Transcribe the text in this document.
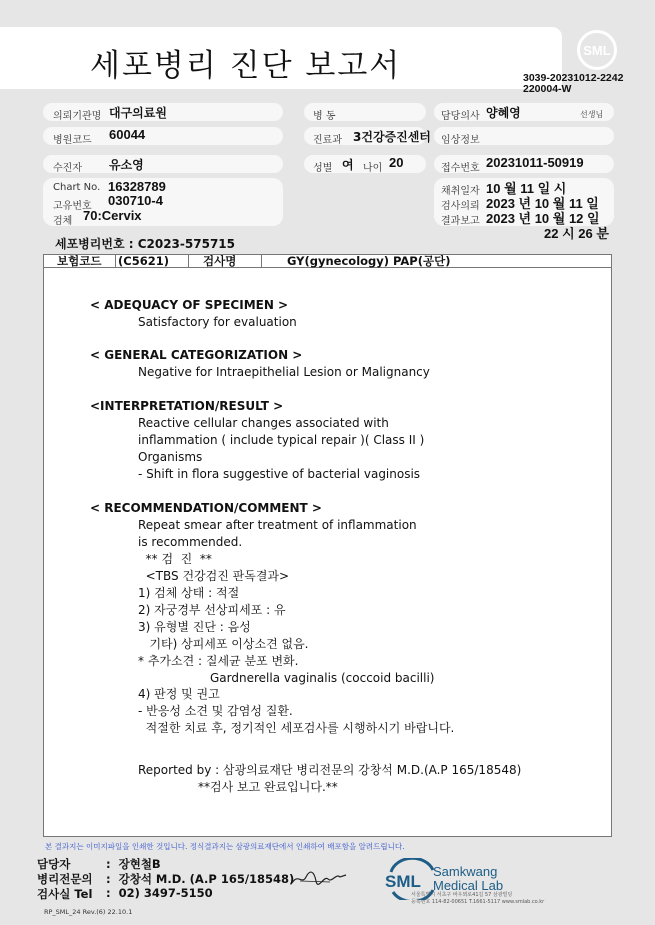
세포병리 진단 보고서	SML
3039-20231012-2242
220004-W
의뢰기관명 대구의료원	병 동	담당의사 양혜영	선생님
병원코드 60044	진료과 3건강증진센터 임상정보
수진자 유소영	성별 여 나이 20	접수번호 20231011-50919
Chart No. 16328789
고유번호 030710-4
검체 70:Cervix
채취일자 10 월 11 일 시
검사의뢰 2023 년 10 월 11 일
결과보고 2023 년 10 월 12 일
22 시 26 분
세포병리번호 : C2023-575715
보험코드 (C5621)	검사명	GY(gynecology) PAP(공단)
< ADEQUACY OF SPECIMEN >
Satisfactory for evaluation
< GENERAL CATEGORIZATION >
Negative for Intraepithelial Lesion or Malignancy
<INTERPRETATION/RESULT >
Reactive cellular changes associated with
inflammation ( include typical repair )( Class II )
Organisms
- Shift in flora suggestive of bacterial vaginosis
< RECOMMENDATION/COMMENT >
Repeat smear after treatment of inflammation
is recommended.
** 검  진  **
<TBS 건강검진 판독결과>
1) 검체 상태 : 적절
2) 자궁경부 선상피세포 : 유
3) 유형별 진단 : 음성
기타) 상피세포 이상소견 없음.
* 추가소견 : 질세균 분포 변화.
Gardnerella vaginalis (coccoid bacilli)
4) 판정 및 권고
- 반응성 소견 및 감염성 질환.
적절한 치료 후, 정기적인 세포검사를 시행하시기 바랍니다.
Reported by : 삼광의료재단 병리전문의 강창석 M.D.(A.P 165/18548)
**검사 보고 완료입니다.**
본 결과지는 이미지파일을 인쇄한 것입니다. 정식결과지는 삼광의료재단에서 인쇄하여 배포함을 알려드립니다.
담당자	:  장현철B
병리전문의 :  강창석 M.D. (A.P 165/18548)
검사실 Tel :  02) 3497-5150
SML
Samkwang
Medical Lab
서울특별시 서초구 바우뫼로41길 57 삼광빌딩
등록번호 114-82-00651 T.1661-5117 www.smlab.co.kr
RP_SML_24 Rev.(6) 22.10.1
